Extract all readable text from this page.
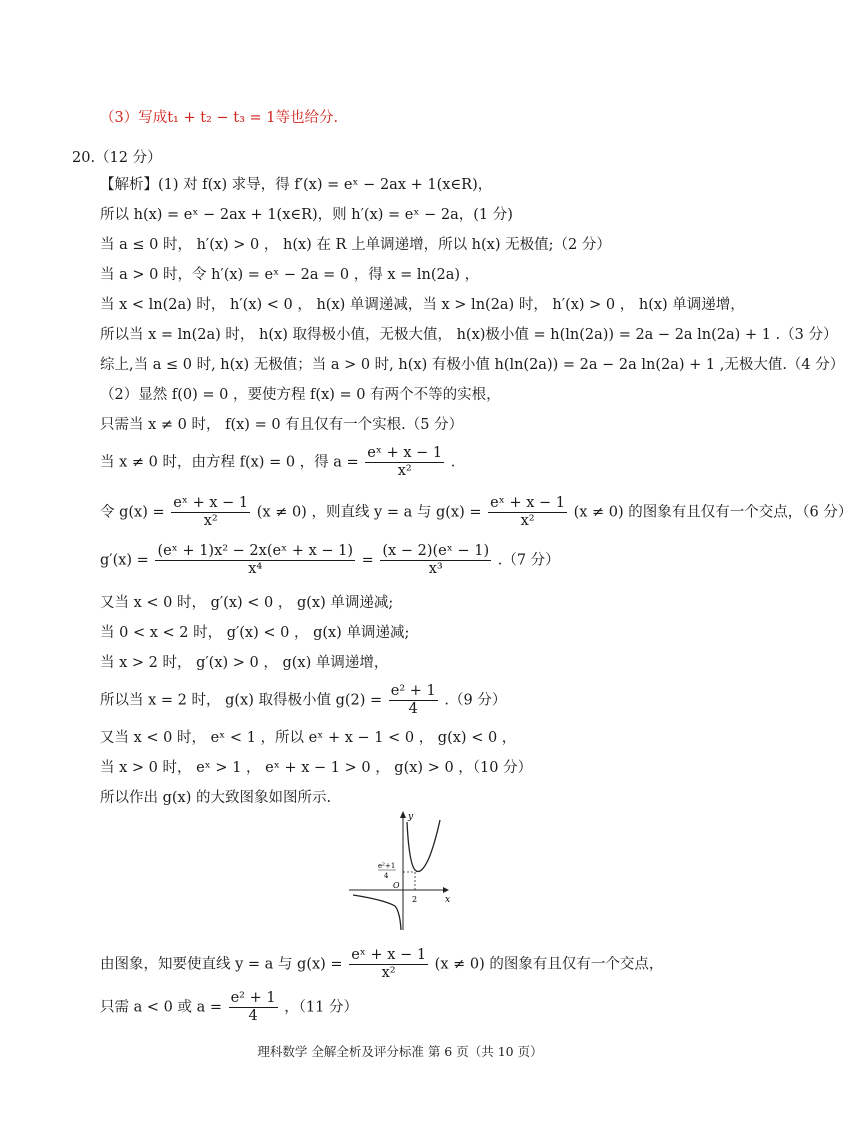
（3）写成t₁ + t₂ − t₃ = 1等也给分.
20.（12 分）
【解析】(1) 对 f(x) 求导，得 f′(x) = eˣ − 2ax + 1(x∈R)，
所以 h(x) = eˣ − 2ax + 1(x∈R)，则 h′(x) = eˣ − 2a，(1 分)
当 a ≤ 0 时， h′(x) > 0 ， h(x) 在 R 上单调递增，所以 h(x) 无极值;（2 分）
当 a > 0 时，令 h′(x) = eˣ − 2a = 0 ，得 x = ln(2a) ，
当 x < ln(2a) 时， h′(x) < 0 ， h(x) 单调递减，当 x > ln(2a) 时， h′(x) > 0 ， h(x) 单调递增，
所以当 x = ln(2a) 时， h(x) 取得极小值，无极大值， h(x)极小值 = h(ln(2a)) = 2a − 2a ln(2a) + 1 .（3 分）
综上,当 a ≤ 0 时, h(x) 无极值；当 a > 0 时, h(x) 有极小值 h(ln(2a)) = 2a − 2a ln(2a) + 1 ,无极大值.（4 分）
（2）显然 f(0) = 0 ，要使方程 f(x) = 0 有两个不等的实根，
只需当 x ≠ 0 时， f(x) = 0 有且仅有一个实根.（5 分）
当 x ≠ 0 时，由方程 f(x) = 0 ，得 $a = \frac{\text{eˣ + x − 1}}{\text{x²}}$ .
令 $g(x) = \frac{\text{eˣ + x − 1}}{\text{x²}} (x \ne 0)$ ，则直线 y = a 与 $g(x) = \frac{\text{eˣ + x − 1}}{\text{x²}} (x \ne 0)$ 的图象有且仅有一个交点，（6 分）
$g'(x) = \frac{\text{(eˣ + 1)x² − 2x(eˣ + x − 1)}}{\text{x⁴}} = \frac{\text{(x − 2)(eˣ − 1)}}{\text{x³}} .(7$ 分）
又当 x < 0 时， g′(x) < 0 ， g(x) 单调递减;
当 0 < x < 2 时， g′(x) < 0 ， g(x) 单调递减;
当 x > 2 时， g′(x) > 0 ， g(x) 单调递增，
所以当 x = 2 时， g(x) 取得极小值 $g(2) = \frac{\text{e² + 1}}{4} .(9$ 分）
又当 x < 0 时， eˣ < 1 ，所以 eˣ + x − 1 < 0 ， g(x) < 0 ，
当 x > 0 时， eˣ > 1 ， eˣ + x − 1 > 0 ， g(x) > 0 ，（10 分）
所以作出 g(x) 的大致图象如图所示.
y
x
O
2
e²+1
4
由图象，知要使直线 y = a 与 $g(x) = \frac{\text{eˣ + x − 1}}{\text{x²}} (x \ne 0)$ 的图象有且仅有一个交点，
只需 a < 0 或 $a = \frac{\text{e² + 1}}{4}$ ，（11 分）
理科数学 全解全析及评分标准 第 6 页（共 10 页）
